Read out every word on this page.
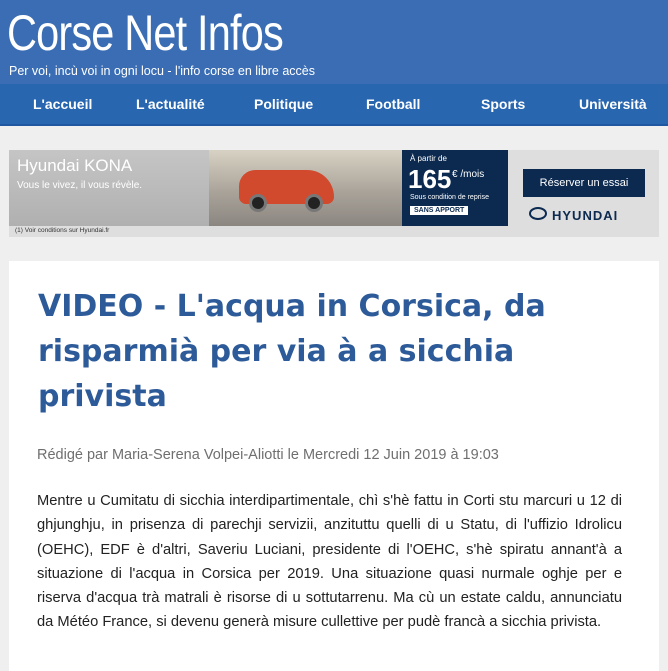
Corse Net Infos
Per voi, incù voi in ogni locu - l'info corse en libre accès
L'accueil	L'actualité	Politique	Football	Sports	Università
Hyundai KONA
Vous le vivez, il vous révèle.
À partir de
165 € /mois
Sous condition de reprise
SANS APPORT
Réserver un essai
HYUNDAI
(1) Voir conditions sur Hyundai.fr
VIDEO - L'acqua in Corsica, da risparmià per via à a sicchia privista
Rédigé par Maria-Serena Volpei-Aliotti le Mercredi 12 Juin 2019 à 19:03

Mentre u Cumitatu di sicchia interdipartimentale, chì s'hè fattu in Corti stu marcuri u 12 di ghjunghju, in prisenza di parechji servizii, anzituttu quelli di u Statu, di l'uffizio Idrolicu (OEHC), EDF è d'altri, Saveriu Luciani, presidente di l'OEHC, s'hè spiratu annant'à a situazione di l'acqua in Corsica per 2019. Una situazione quasi nurmale oghje per e riserva d'acqua trà matrali è risorse di u sottutarrenu. Ma cù un estate caldu, annunciatu da Météo France, si devenu generà misure cullettive per pudè francà a sicchia privista.
